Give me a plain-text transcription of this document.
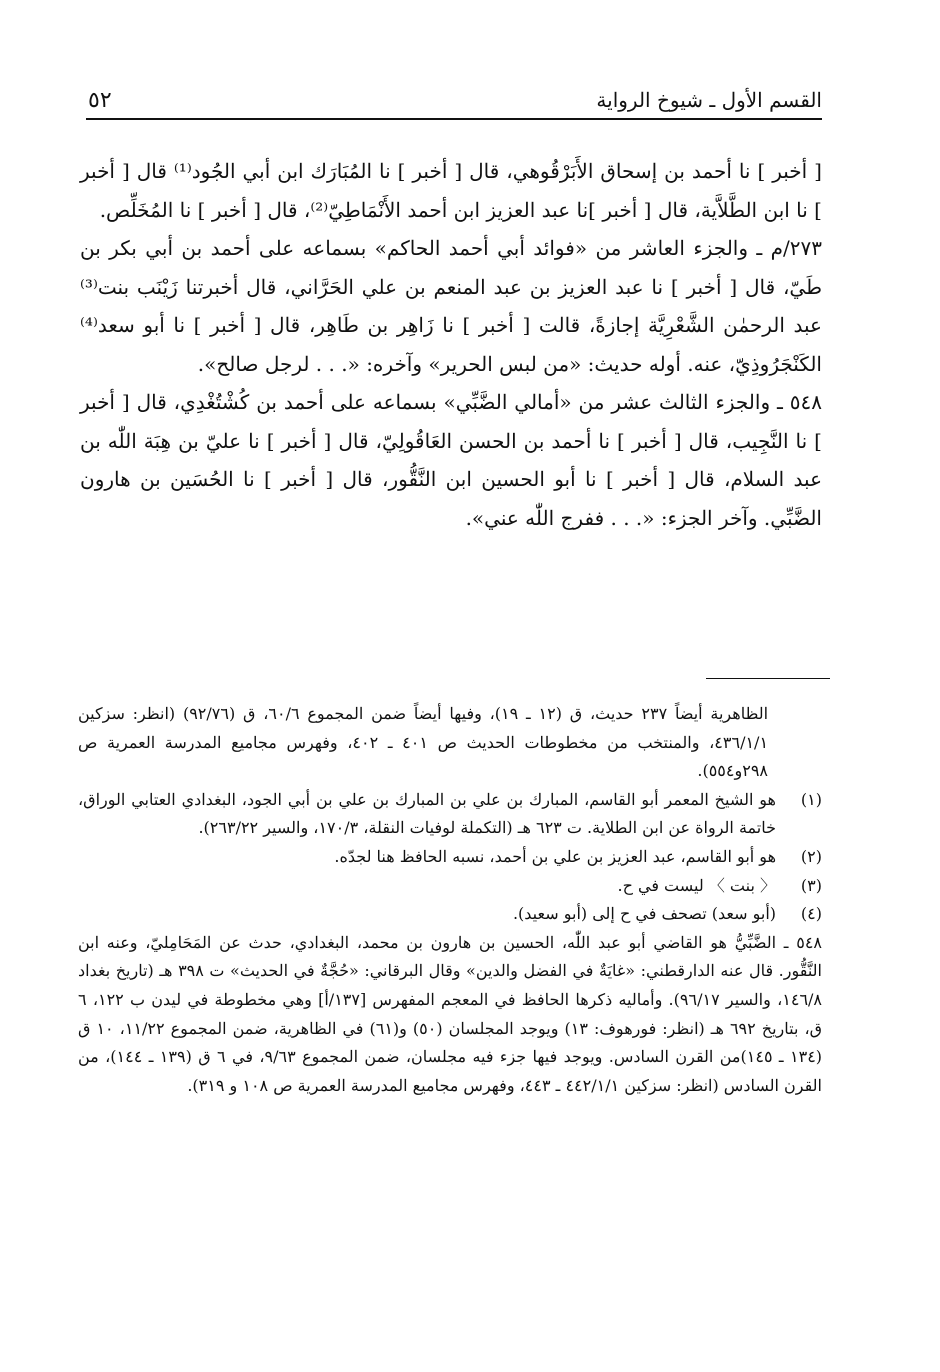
القسم الأول ـ شيوخ الرواية
٥٢

[ أخبر ] نا أحمد بن إسحاق الأَبَرْقُوهي، قال [ أخبر ] نا المُبَارَك ابن أبي الجُود⁽¹⁾ قال [ أخبر ] نا ابن الطَّلاَّية، قال [ أخبر ]نا عبد العزيز ابن أحمد الأَنْمَاطِيّ⁽²⁾، قال [ أخبر ] نا المُخَلِّص.

٢٧٣/م ـ والجزء العاشر من «فوائد أبي أحمد الحاكم» بسماعه على أحمد بن أبي بكر بن طَيّ، قال [ أخبر ] نا عبد العزيز بن عبد المنعم بن علي الحَرَّاني، قال أخبرتنا زَيْنَب بنت⁽³⁾ عبد الرحمٰن الشَّعْرِيَّة إجازةً، قالت [ أخبر ] نا زَاهِر بن طَاهِر، قال [ أخبر ] نا أبو سعد⁽⁴⁾ الكَنْجَرُوذِيّ، عنه. أوله حديث: «من لبس الحرير» وآخره: «. . . لرجل صالح».

٥٤٨ ـ والجزء الثالث عشر من «أمالي الضَّبِّي» بسماعه على أحمد بن كُشْتُغْدِي، قال [ أخبر ] نا النَّجِيب، قال [ أخبر ] نا أحمد بن الحسن العَاقُولِيّ، قال [ أخبر ] نا عليّ بن هِبَة اللّٰه بن عبد السلام، قال [ أخبر ] نا أبو الحسين ابن النَّقُّور، قال [ أخبر ] نا الحُسَين بن هارون الضَّبِّي. وآخر الجزء: «. . . ففرج اللّٰه عني».

الظاهرية أيضاً ٢٣٧ حديث، ق (١٢ ـ ١٩)، وفيها أيضاً ضمن المجموع ٦٠/٦، ق (٩٢/٧٦) (انظر: سزكين ٤٣٦/١/١، والمنتخب من مخطوطات الحديث ص ٤٠١ ـ ٤٠٢، وفهرس مجاميع المدرسة العمرية ص ٢٩٨و٥٥٤).

(١)
هو الشيخ المعمر أبو القاسم، المبارك بن علي بن المبارك بن علي بن أبي الجود، البغدادي العتابي الوراق، خاتمة الرواة عن ابن الطلاية. ت ٦٢٣ هـ (التكملة لوفيات النقلة، ١٧٠/٣، والسير ٢٦٣/٢٢).

(٢)
هو أبو القاسم، عبد العزيز بن علي بن أحمد، نسبه الحافظ هنا لجدّه.

(٣)
〈 بنت 〉 ليست في ح.

(٤)
(أبو سعد) تصحف في ح إلى (أبو سعيد).

٥٤٨ ـ الضَّبِّيُّ هو القاضي أبو عبد اللّٰه، الحسين بن هارون بن محمد، البغدادي، حدث عن المَحَامِليّ، وعنه ابن النَّقُّور. قال عنه الدارقطني: «غايَةٌ في الفضل والدين» وقال البرقاني: «حُجَّةٌ في الحديث» ت ٣٩٨ هـ (تاريخ بغداد ١٤٦/٨، والسير ٩٦/١٧). وأماليه ذكرها الحافظ في المعجم المفهرس [١٣٧/أ] وهي مخطوطة في ليدن ب ١٢٢، ٦ ق، بتاريخ ٦٩٢ هـ (انظر: فورهوف: ١٣) ويوجد المجلسان (٥٠) و(٦١) في الظاهرية، ضمن المجموع ١١/٢٢، ١٠ ق (١٣٤ ـ ١٤٥)من القرن السادس. ويوجد فيها جزء فيه مجلسان، ضمن المجموع ٩/٦٣، في ٦ ق (١٣٩ ـ ١٤٤)، من القرن السادس (انظر: سزكين ٤٤٢/١/١ ـ ٤٤٣، وفهرس مجاميع المدرسة العمرية ص ١٠٨ و ٣١٩).
